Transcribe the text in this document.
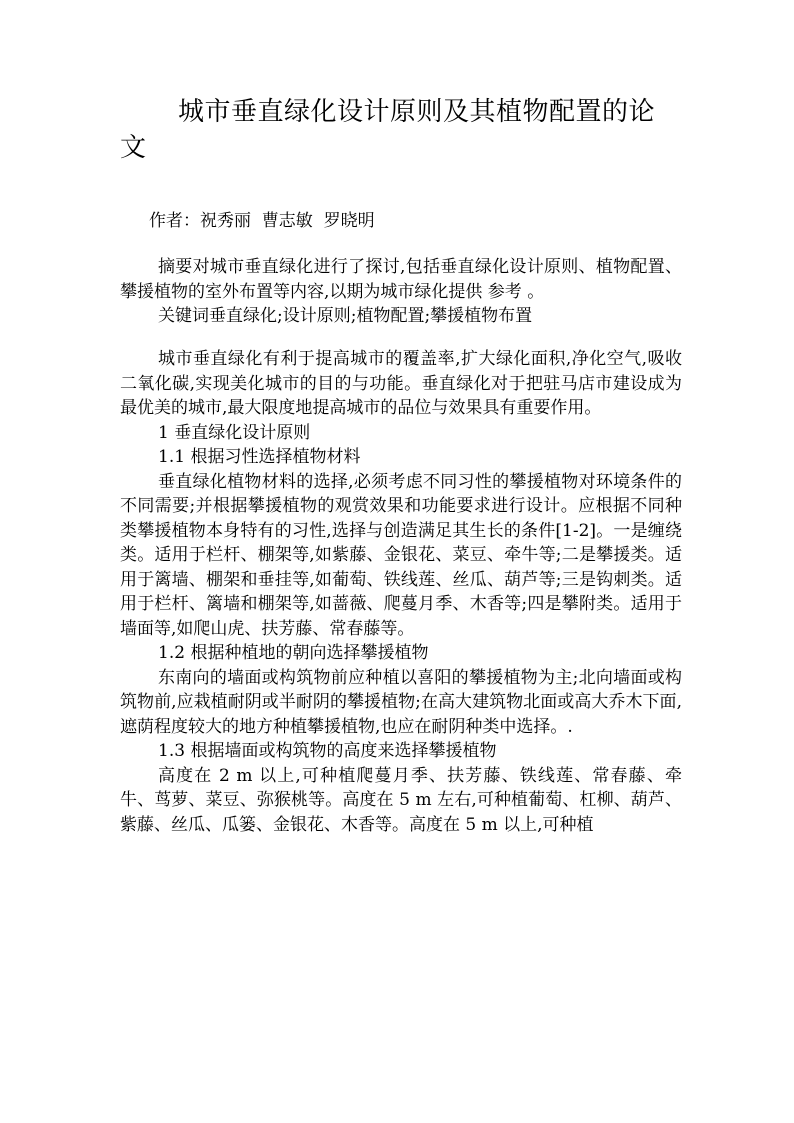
城市垂直绿化设计原则及其植物配置的论文
作者：祝秀丽  曹志敏  罗晓明

摘要对城市垂直绿化进行了探讨,包括垂直绿化设计原则、植物配置、攀援植物的室外布置等内容,以期为城市绿化提供 参考 。

关键词垂直绿化;设计原则;植物配置;攀援植物布置

城市垂直绿化有利于提高城市的覆盖率,扩大绿化面积,净化空气,吸收二氧化碳,实现美化城市的目的与功能。垂直绿化对于把驻马店市建设成为最优美的城市,最大限度地提高城市的品位与效果具有重要作用。

1 垂直绿化设计原则

1.1 根据习性选择植物材料

垂直绿化植物材料的选择,必须考虑不同习性的攀援植物对环境条件的不同需要;并根据攀援植物的观赏效果和功能要求进行设计。应根据不同种类攀援植物本身特有的习性,选择与创造满足其生长的条件[1-2]。一是缠绕类。适用于栏杆、棚架等,如紫藤、金银花、菜豆、牵牛等;二是攀援类。适用于篱墙、棚架和垂挂等,如葡萄、铁线莲、丝瓜、葫芦等;三是钩刺类。适用于栏杆、篱墙和棚架等,如蔷薇、爬蔓月季、木香等;四是攀附类。适用于墙面等,如爬山虎、扶芳藤、常春藤等。

1.2 根据种植地的朝向选择攀援植物

东南向的墙面或构筑物前应种植以喜阳的攀援植物为主;北向墙面或构筑物前,应栽植耐阴或半耐阴的攀援植物;在高大建筑物北面或高大乔木下面,遮荫程度较大的地方种植攀援植物,也应在耐阴种类中选择。.

1.3 根据墙面或构筑物的高度来选择攀援植物

高度在 2 m 以上,可种植爬蔓月季、扶芳藤、铁线莲、常春藤、牵牛、茑萝、菜豆、弥猴桃等。高度在 5 m 左右,可种植葡萄、杠柳、葫芦、紫藤、丝瓜、瓜篓、金银花、木香等。高度在 5 m 以上,可种植
